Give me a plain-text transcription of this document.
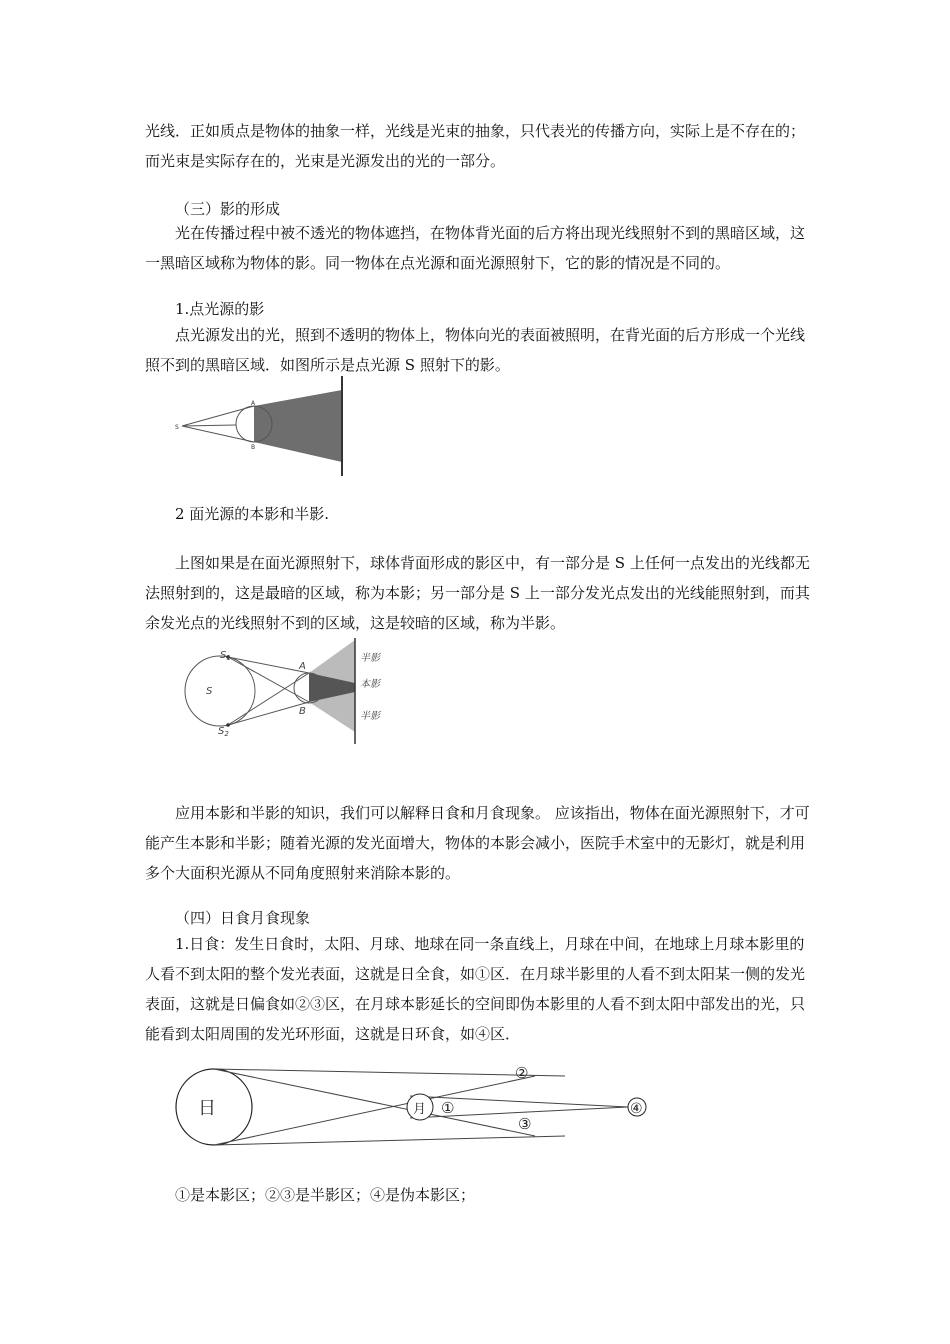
光线．正如质点是物体的抽象一样，光线是光束的抽象，只代表光的传播方向，实际上是不存在的；而光束是实际存在的，光束是光源发出的光的一部分。

（三）影的形成

光在传播过程中被不透光的物体遮挡，在物体背光面的后方将出现光线照射不到的黑暗区域，这一黑暗区域称为物体的影。同一物体在点光源和面光源照射下，它的影的情况是不同的。

1.点光源的影

点光源发出的光，照到不透明的物体上，物体向光的表面被照明，在背光面的后方形成一个光线照不到的黑暗区域．如图所示是点光源 S 照射下的影。

S
A
B

2 面光源的本影和半影.

上图如果是在面光源照射下，球体背面形成的影区中，有一部分是 S 上任何一点发出的光线都无法照射到的，这是最暗的区域，称为本影；另一部分是 S 上一部分发光点发出的光线能照射到，而其余发光点的光线照射不到的区域，这是较暗的区域，称为半影。

S
$S_1$
$S_2$
A
B
半影
本影
半影

应用本影和半影的知识，我们可以解释日食和月食现象。 应该指出，物体在面光源照射下，才可能产生本影和半影；随着光源的发光面增大，物体的本影会减小，医院手术室中的无影灯，就是利用多个大面积光源从不同角度照射来消除本影的。

（四）日食月食现象

1.日食：发生日食时，太阳、月球、地球在同一条直线上，月球在中间，在地球上月球本影里的人看不到太阳的整个发光表面，这就是日全食，如①区．在月球半影里的人看不到太阳某一侧的发光表面，这就是日偏食如②③区，在月球本影延长的空间即伪本影里的人看不到太阳中部发出的光，只能看到太阳周围的发光环形面，这就是日环食，如④区．

日	月 ①
②
③
④

①是本影区；②③是半影区；④是伪本影区；
